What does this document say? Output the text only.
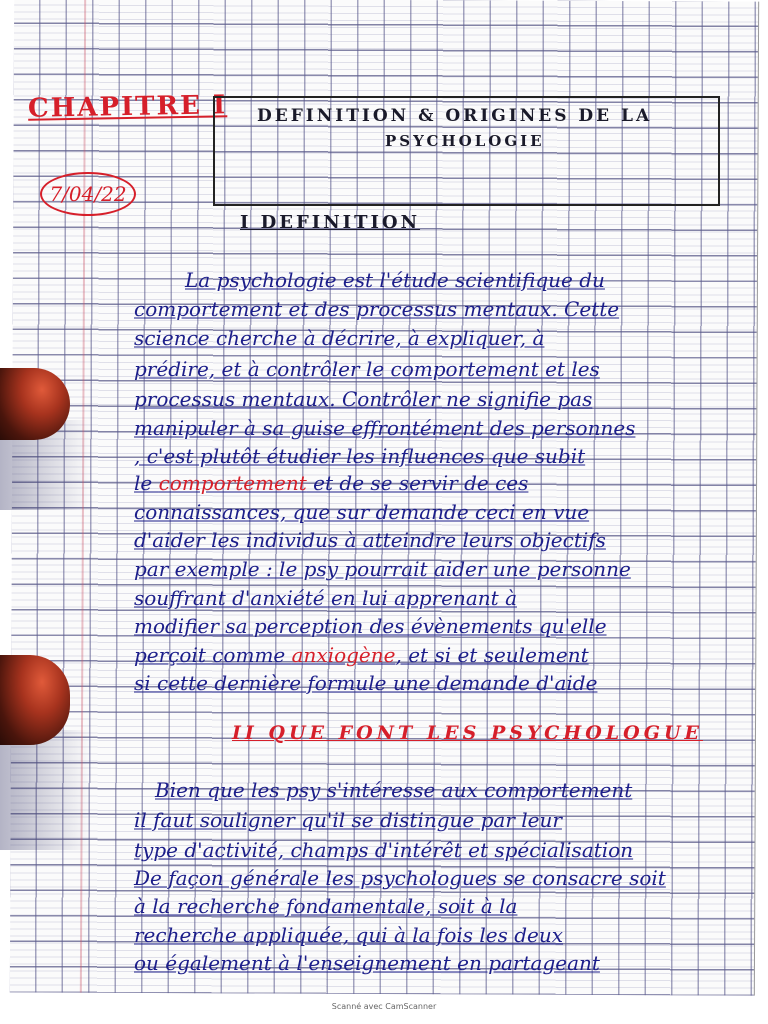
CHAPITRE I
7/04/22
DEFINITION & ORIGINES DE LA
PSYCHOLOGIE
I DEFINITION
La psychologie est l'étude scientifique du
comportement et des processus mentaux. Cette
science cherche à décrire, à expliquer, à
prédire, et à contrôler le comportement et les
processus mentaux. Contrôler ne signifie pas
manipuler à sa guise effrontément des personnes
, c'est plutôt étudier les influences que subit
le comportement et de se servir de ces
connaissances, que sur demande ceci en vue
d'aider les individus à atteindre leurs objectifs
par exemple : le psy pourrait aider une personne
souffrant d'anxiété en lui apprenant à
modifier sa perception des évènements qu'elle
perçoit comme anxiogène, et si et seulement
si cette dernière formule une demande d'aide
II QUE FONT LES PSYCHOLOGUE
Bien que les psy s'intéresse aux comportement
il faut souligner qu'il se distingue par leur
type d'activité, champs d'intérêt et spécialisation
De façon générale les psychologues se consacre soit
à la recherche fondamentale, soit à la
recherche appliquée, qui à la fois les deux
ou également à l'enseignement en partageant
Scanné avec CamScanner
